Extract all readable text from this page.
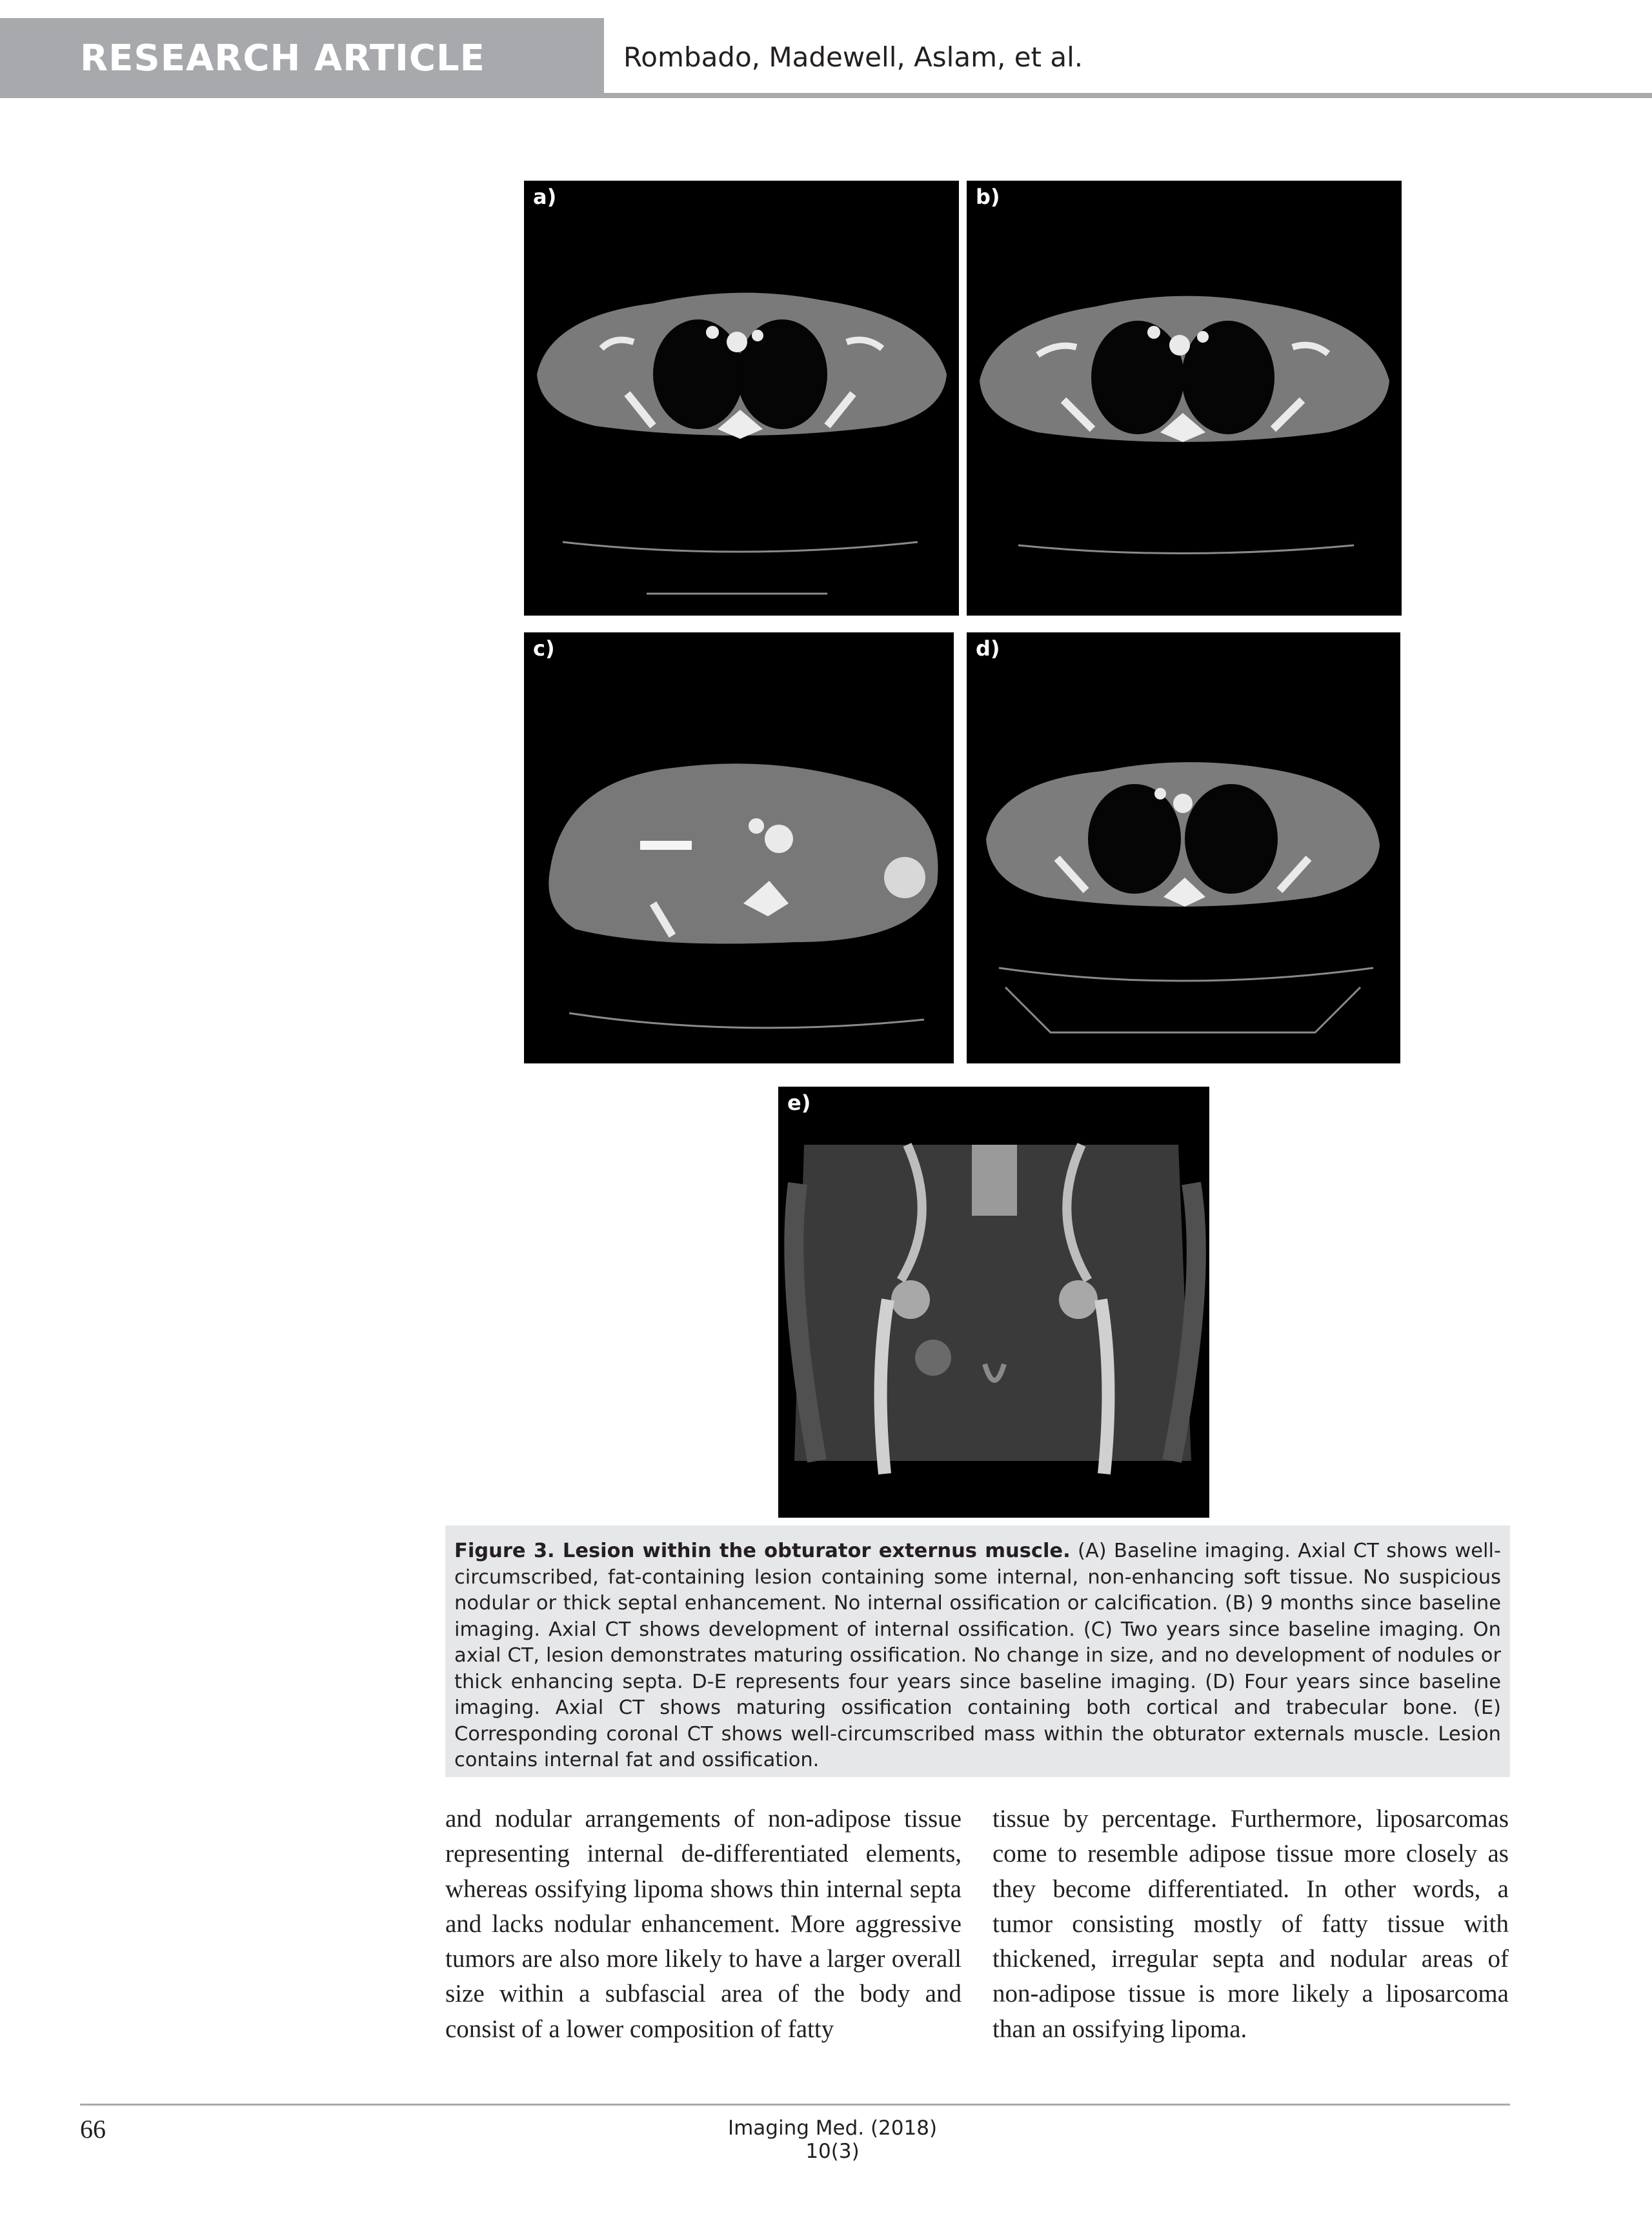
RESEARCH ARTICLE	Rombado, Madewell, Aslam, et al.
a)	b)
c)	d)
e)

Figure 3. Lesion within the obturator externus muscle. (A) Baseline imaging. Axial CT shows well-circumscribed, fat-containing lesion containing some internal, non-enhancing soft tissue. No suspicious nodular or thick septal enhancement. No internal ossification or calcification. (B) 9 months since baseline imaging. Axial CT shows development of internal ossification. (C) Two years since baseline imaging. On axial CT, lesion demonstrates maturing ossification. No change in size, and no development of nodules or thick enhancing septa. D-E represents four years since baseline imaging. (D) Four years since baseline imaging. Axial CT shows maturing ossification containing both cortical and trabecular bone. (E) Corresponding coronal CT shows well-circumscribed mass within the obturator externals muscle. Lesion contains internal fat and ossification.

and nodular arrangements of non-adipose tissue representing internal de-differentiated elements, whereas ossifying lipoma shows thin internal septa and lacks nodular enhancement. More aggressive tumors are also more likely to have a larger overall size within a subfascial area of the body and consist of a lower composition of fatty

tissue by percentage. Furthermore, liposarcomas come to resemble adipose tissue more closely as they become differentiated. In other words, a tumor consisting mostly of fatty tissue with thickened, irregular septa and nodular areas of non-adipose tissue is more likely a liposarcoma than an ossifying lipoma.

66	Imaging Med. (2018) 10(3)
